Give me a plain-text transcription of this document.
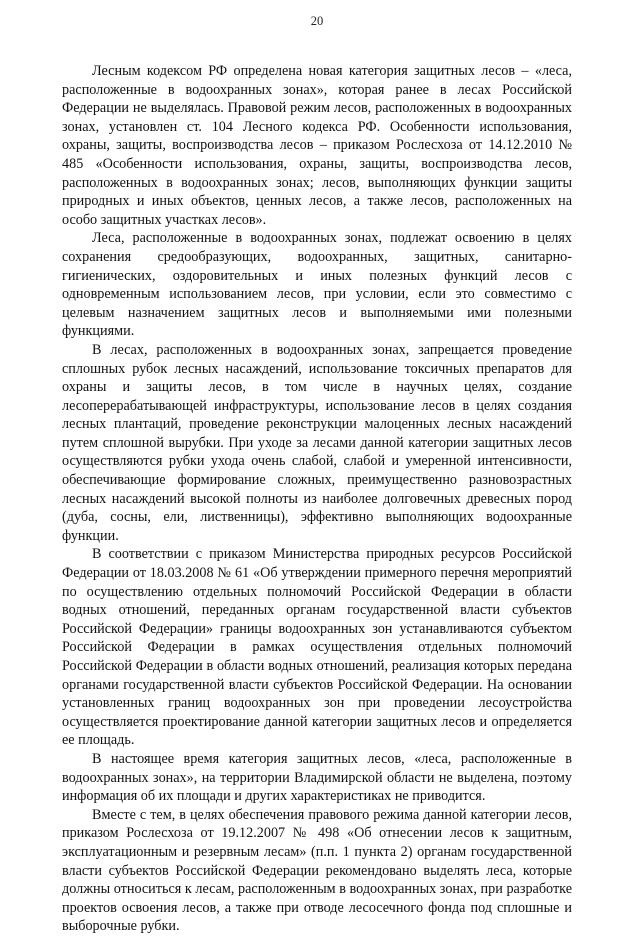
20

Лесным кодексом РФ определена новая категория защитных лесов – «леса, расположенные в водоохранных зонах», которая ранее в лесах Российской Федерации не выделялась. Правовой режим лесов, расположенных в водоохранных зонах, установлен ст. 104 Лесного кодекса РФ. Особенности использования, охраны, защиты, воспроизводства лесов – приказом Рослесхоза от 14.12.2010 № 485 «Особенности использования, охраны, защиты, воспроизводства лесов, расположенных в водоохранных зонах; лесов, выполняющих функции защиты природных и иных объектов, ценных лесов, а также лесов, расположенных на особо защитных участках лесов».

Леса, расположенные в водоохранных зонах, подлежат освоению в целях сохранения средообразующих, водоохранных, защитных, санитарно-гигиенических, оздоровительных и иных полезных функций лесов с одновременным использованием лесов, при условии, если это совместимо с целевым назначением защитных лесов и выполняемыми ими полезными функциями.

В лесах, расположенных в водоохранных зонах, запрещается проведение сплошных рубок лесных насаждений, использование токсичных препаратов для охраны и защиты лесов, в том числе в научных целях, создание лесоперерабатывающей инфраструктуры, использование лесов в целях создания лесных плантаций, проведение реконструкции малоценных лесных насаждений путем сплошной вырубки. При уходе за лесами данной категории защитных лесов осуществляются рубки ухода очень слабой, слабой и умеренной интенсивности, обеспечивающие формирование сложных, преимущественно разновозрастных лесных насаждений высокой полноты из наиболее долговечных древесных пород (дуба, сосны, ели, лиственницы), эффективно выполняющих водоохранные функции.

В соответствии с приказом Министерства природных ресурсов Российской Федерации от 18.03.2008 № 61 «Об утверждении примерного перечня мероприятий по осуществлению отдельных полномочий Российской Федерации в области водных отношений, переданных органам государственной власти субъектов Российской Федерации» границы водоохранных зон устанавливаются субъектом Российской Федерации в рамках осуществления отдельных полномочий Российской Федерации в области водных отношений, реализация которых передана органами государственной власти субъектов Российской Федерации. На основании установленных границ водоохранных зон при проведении лесоустройства осуществляется проектирование данной категории защитных лесов и определяется ее площадь.

В настоящее время категория защитных лесов, «леса, расположенные в водоохранных зонах», на территории Владимирской области не выделена, поэтому информация об их площади и других характеристиках не приводится.

Вместе с тем, в целях обеспечения правового режима данной категории лесов, приказом Рослесхоза от 19.12.2007 № 498 «Об отнесении лесов к защитным, эксплуатационным и резервным лесам» (п.п. 1 пункта 2) органам государственной власти субъектов Российской Федерации рекомендовано выделять леса, которые должны относиться к лесам, расположенным в водоохранных зонах, при разработке проектов освоения лесов, а также при отводе лесосечного фонда под сплошные и выборочные рубки.
